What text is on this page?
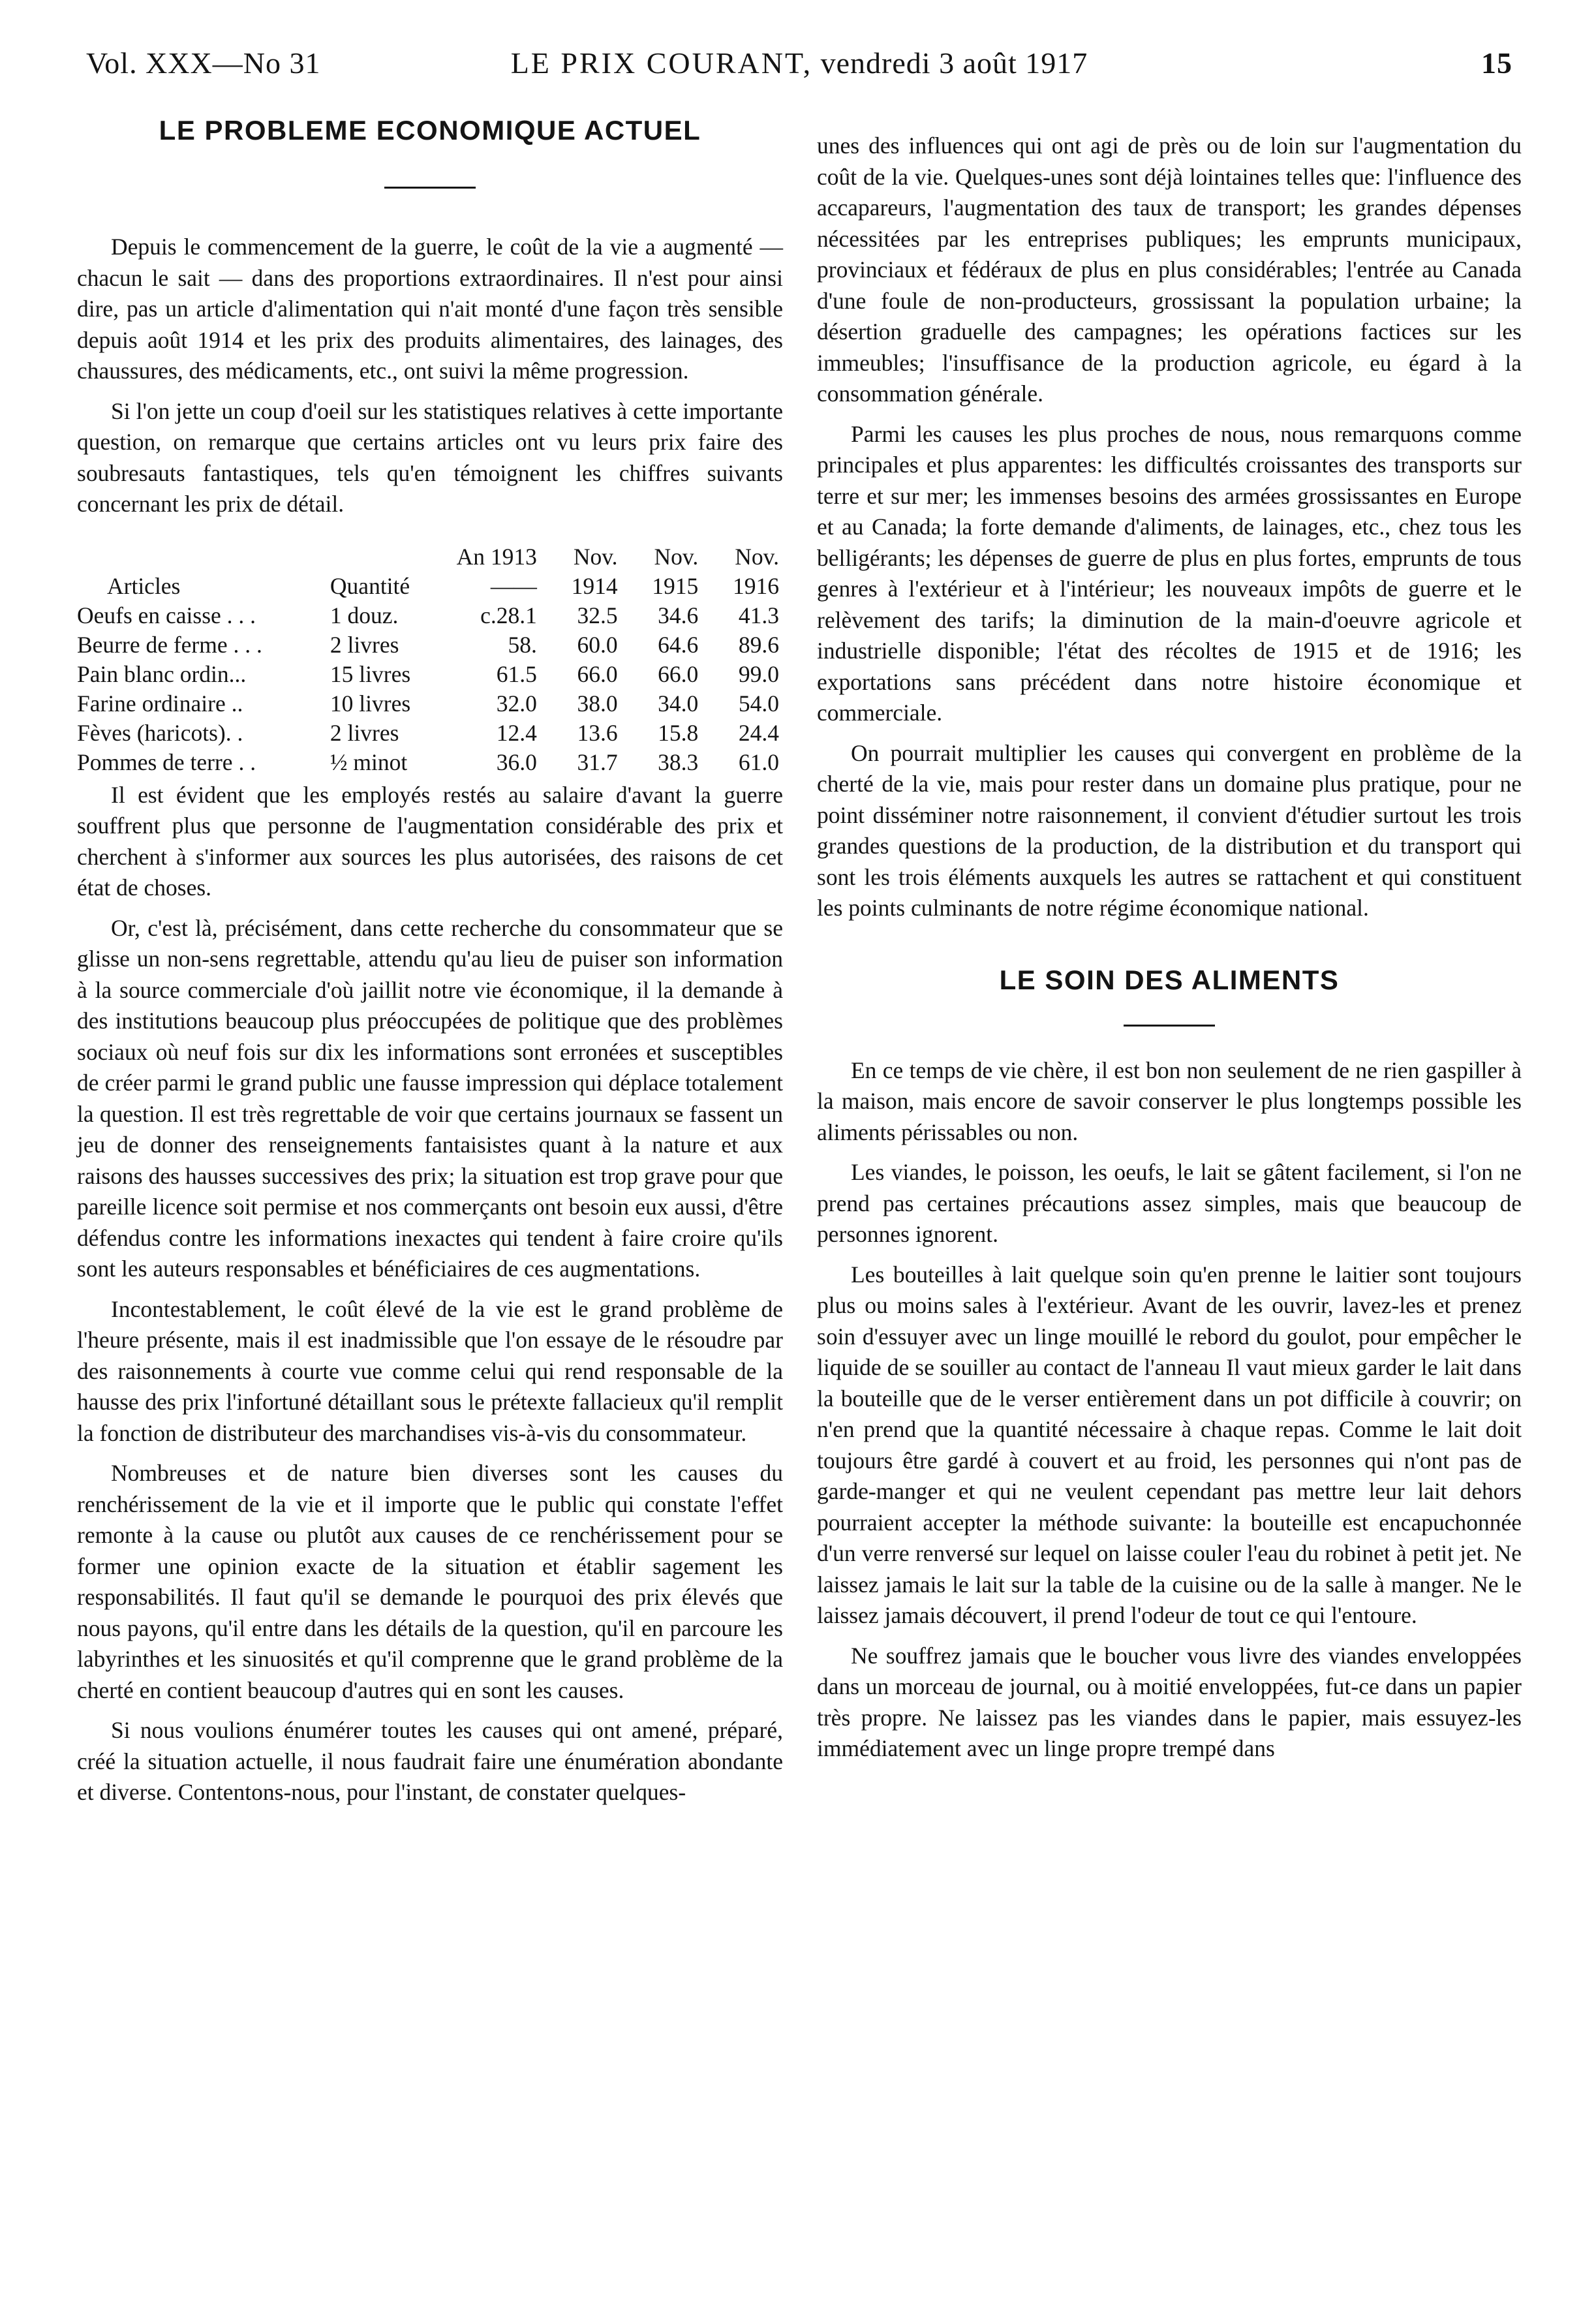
Vol. XXX—No 31	LE PRIX COURANT, vendredi 3 août 1917	15
LE PROBLEME ECONOMIQUE ACTUEL

Depuis le commencement de la guerre, le coût de la vie a augmenté — chacun le sait — dans des proportions extraordinaires. Il n'est pour ainsi dire, pas un article d'alimentation qui n'ait monté d'une façon très sensible depuis août 1914 et les prix des produits alimentaires, des lainages, des chaussures, des médicaments, etc., ont suivi la même progression.

Si l'on jette un coup d'oeil sur les statistiques relatives à cette importante question, on remarque que certains articles ont vu leurs prix faire des soubresauts fantastiques, tels qu'en témoignent les chiffres suivants concernant les prix de détail.

		An 1913	Nov.	Nov.	Nov.
Articles	Quantité	——	1914	1915	1916
Oeufs en caisse . . .	1 douz.	c.28.1	32.5	34.6	41.3
Beurre de ferme . . .	2 livres	58.	60.0	64.6	89.6
Pain blanc ordin...	15 livres	61.5	66.0	66.0	99.0
Farine ordinaire ..	10 livres	32.0	38.0	34.0	54.0
Fèves (haricots). .	2 livres	12.4	13.6	15.8	24.4
Pommes de terre . .	½ minot	36.0	31.7	38.3	61.0

Il est évident que les employés restés au salaire d'avant la guerre souffrent plus que personne de l'augmentation considérable des prix et cherchent à s'informer aux sources les plus autorisées, des raisons de cet état de choses.

Or, c'est là, précisément, dans cette recherche du consommateur que se glisse un non-sens regrettable, attendu qu'au lieu de puiser son information à la source commerciale d'où jaillit notre vie économique, il la demande à des institutions beaucoup plus préoccupées de politique que des problèmes sociaux où neuf fois sur dix les informations sont erronées et susceptibles de créer parmi le grand public une fausse impression qui déplace totalement la question. Il est très regrettable de voir que certains journaux se fassent un jeu de donner des renseignements fantaisistes quant à la nature et aux raisons des hausses successives des prix; la situation est trop grave pour que pareille licence soit permise et nos commerçants ont besoin eux aussi, d'être défendus contre les informations inexactes qui tendent à faire croire qu'ils sont les auteurs responsables et bénéficiaires de ces augmentations.

Incontestablement, le coût élevé de la vie est le grand problème de l'heure présente, mais il est inadmissible que l'on essaye de le résoudre par des raisonnements à courte vue comme celui qui rend responsable de la hausse des prix l'infortuné détaillant sous le prétexte fallacieux qu'il remplit la fonction de distributeur des marchandises vis-à-vis du consommateur.

Nombreuses et de nature bien diverses sont les causes du renchérissement de la vie et il importe que le public qui constate l'effet remonte à la cause ou plutôt aux causes de ce renchérissement pour se former une opinion exacte de la situation et établir sagement les responsabilités. Il faut qu'il se demande le pourquoi des prix élevés que nous payons, qu'il entre dans les détails de la question, qu'il en parcoure les labyrinthes et les sinuosités et qu'il comprenne que le grand problème de la cherté en contient beaucoup d'autres qui en sont les causes.

Si nous voulions énumérer toutes les causes qui ont amené, préparé, créé la situation actuelle, il nous faudrait faire une énumération abondante et diverse. Contentons-nous, pour l'instant, de constater quelques-

unes des influences qui ont agi de près ou de loin sur l'augmentation du coût de la vie. Quelques-unes sont déjà lointaines telles que: l'influence des accapareurs, l'augmentation des taux de transport; les grandes dépenses nécessitées par les entreprises publiques; les emprunts municipaux, provinciaux et fédéraux de plus en plus considérables; l'entrée au Canada d'une foule de non-producteurs, grossissant la population urbaine; la désertion graduelle des campagnes; les opérations factices sur les immeubles; l'insuffisance de la production agricole, eu égard à la consommation générale.

Parmi les causes les plus proches de nous, nous remarquons comme principales et plus apparentes: les difficultés croissantes des transports sur terre et sur mer; les immenses besoins des armées grossissantes en Europe et au Canada; la forte demande d'aliments, de lainages, etc., chez tous les belligérants; les dépenses de guerre de plus en plus fortes, emprunts de tous genres à l'extérieur et à l'intérieur; les nouveaux impôts de guerre et le relèvement des tarifs; la diminution de la main-d'oeuvre agricole et industrielle disponible; l'état des récoltes de 1915 et de 1916; les exportations sans précédent dans notre histoire économique et commerciale.

On pourrait multiplier les causes qui convergent en problème de la cherté de la vie, mais pour rester dans un domaine plus pratique, pour ne point disséminer notre raisonnement, il convient d'étudier surtout les trois grandes questions de la production, de la distribution et du transport qui sont les trois éléments auxquels les autres se rattachent et qui constituent les points culminants de notre régime économique national.

LE SOIN DES ALIMENTS

En ce temps de vie chère, il est bon non seulement de ne rien gaspiller à la maison, mais encore de savoir conserver le plus longtemps possible les aliments périssables ou non.

Les viandes, le poisson, les oeufs, le lait se gâtent facilement, si l'on ne prend pas certaines précautions assez simples, mais que beaucoup de personnes ignorent.

Les bouteilles à lait quelque soin qu'en prenne le laitier sont toujours plus ou moins sales à l'extérieur. Avant de les ouvrir, lavez-les et prenez soin d'essuyer avec un linge mouillé le rebord du goulot, pour empêcher le liquide de se souiller au contact de l'anneau Il vaut mieux garder le lait dans la bouteille que de le verser entièrement dans un pot difficile à couvrir; on n'en prend que la quantité nécessaire à chaque repas. Comme le lait doit toujours être gardé à couvert et au froid, les personnes qui n'ont pas de garde-manger et qui ne veulent cependant pas mettre leur lait dehors pourraient accepter la méthode suivante: la bouteille est encapuchonnée d'un verre renversé sur lequel on laisse couler l'eau du robinet à petit jet. Ne laissez jamais le lait sur la table de la cuisine ou de la salle à manger. Ne le laissez jamais découvert, il prend l'odeur de tout ce qui l'entoure.

Ne souffrez jamais que le boucher vous livre des viandes enveloppées dans un morceau de journal, ou à moitié enveloppées, fut-ce dans un papier très propre. Ne laissez pas les viandes dans le papier, mais essuyez-les immédiatement avec un linge propre trempé dans
